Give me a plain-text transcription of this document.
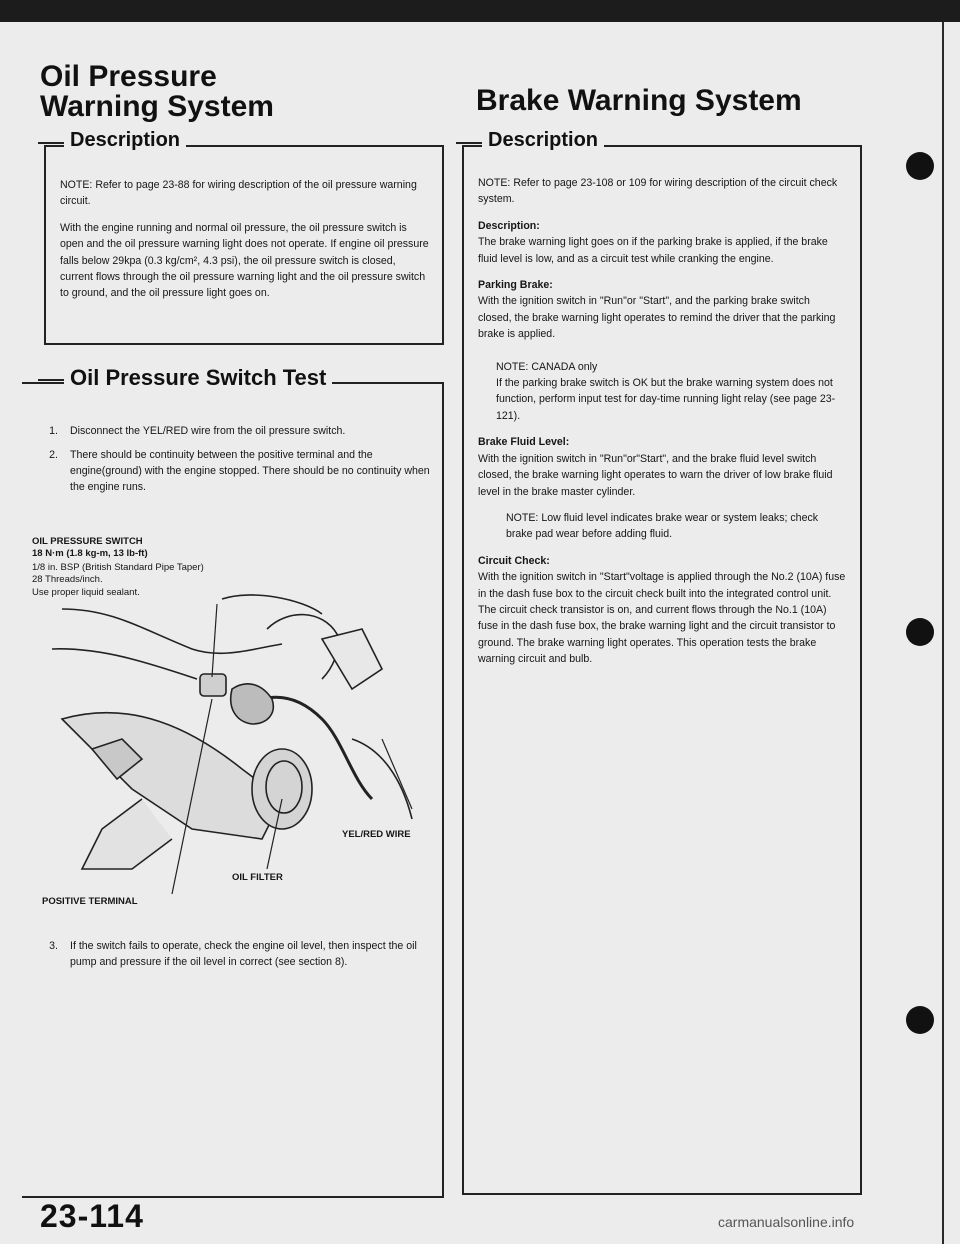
Oil Pressure
Warning System	Brake Warning System
Description

NOTE: Refer to page 23-88 for wiring description of the oil pressure warning circuit.

With the engine running and normal oil pressure, the oil pressure switch is open and the oil pressure warning light does not operate. If engine oil pressure falls below 29kpa (0.3 kg/cm², 4.3 psi), the oil pressure switch is closed, current flows through the oil pressure warning light and the oil pressure switch to ground, and the oil pressure light goes on.

Oil Pressure Switch Test
1.	Disconnect the YEL/RED wire from the oil pressure switch.
2.	There should be continuity between the positive terminal and the engine(ground) with the engine stopped. There should be no continuity when the engine runs.
OIL PRESSURE SWITCH
18 N·m (1.8 kg-m, 13 lb-ft)
1/8 in. BSP (British Standard Pipe Taper) 28 Threads/inch.
Use proper liquid sealant.
YEL/RED WIRE
OIL FILTER
POSITIVE TERMINAL
3.	If the switch fails to operate, check the engine oil level, then inspect the oil pump and pressure if the oil level in correct (see section 8).
Description

NOTE: Refer to page 23-108 or 109 for wiring description of the circuit check system.

Description:
The brake warning light goes on if the parking brake is applied, if the brake fluid level is low, and as a circuit test while cranking the engine.

Parking Brake:
With the ignition switch in "Run"or "Start", and the parking brake switch closed, the brake warning light operates to remind the driver that the parking brake is applied.

NOTE: CANADA only
If the parking brake switch is OK but the brake warning system does not function, perform input test for day-time running light relay (see page 23-121).

Brake Fluid Level:
With the ignition switch in "Run"or"Start", and the brake fluid level switch closed, the brake warning light operates to warn the driver of low brake fluid level in the brake master cylinder.

NOTE: Low fluid level indicates brake wear or system leaks; check brake pad wear before adding fluid.

Circuit Check:
With the ignition switch in "Start"voltage is applied through the No.2 (10A) fuse in the dash fuse box to the circuit check built into the integrated control unit. The circuit check transistor is on, and current flows through the No.1 (10A) fuse in the dash fuse box, the brake warning light and the circuit transistor to ground. The brake warning light operates. This operation tests the brake warning circuit and bulb.

23-114	carmanualsonline.info
